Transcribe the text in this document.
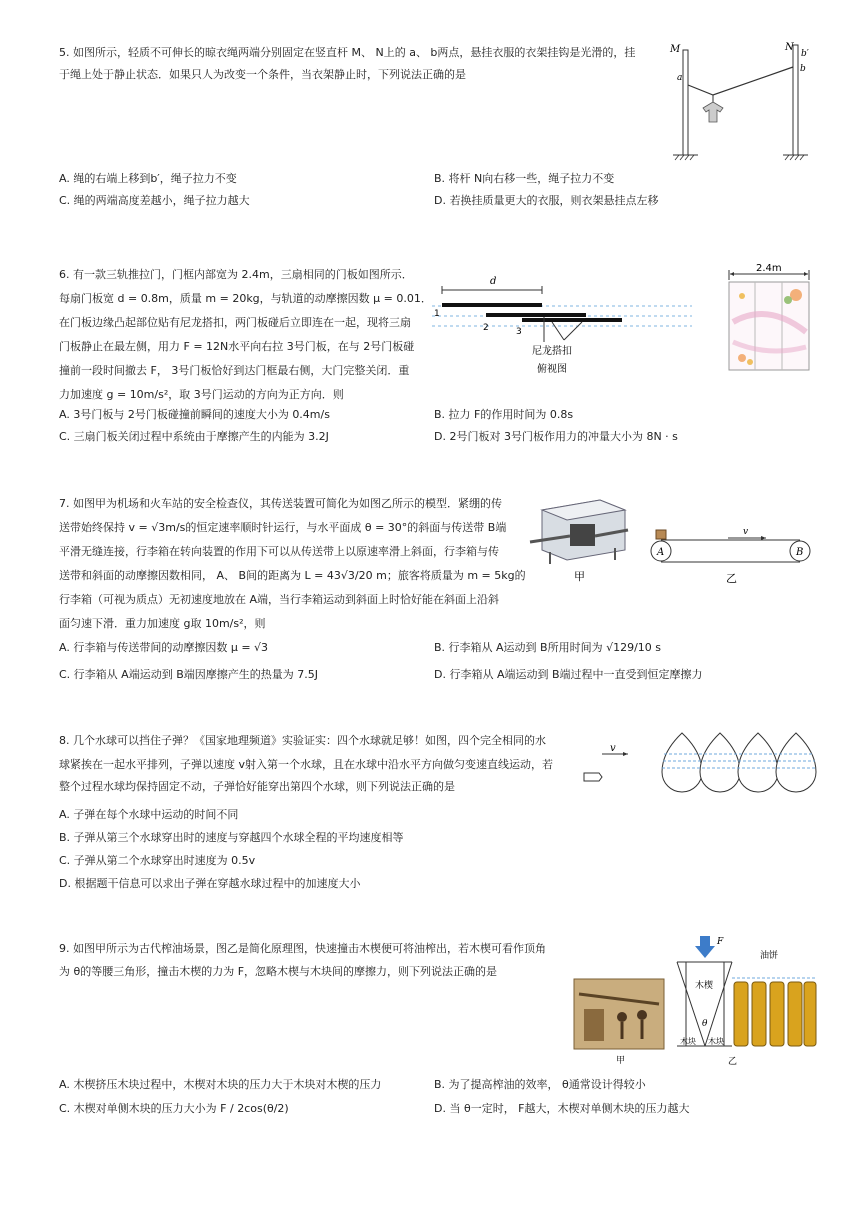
5. 如图所示，轻质不可伸长的晾衣绳两端分别固定在竖直杆 M、 N上的 a、 b两点，悬挂衣服的衣架挂钩是光滑的，挂
于绳上处于静止状态．如果只人为改变一个条件，当衣架静止时，下列说法正确的是
M
a
N
b′
b
A. 绳的右端上移到b′，绳子拉力不变	B. 将杆 N向右移一些，绳子拉力不变
C. 绳的两端高度差越小，绳子拉力越大	D. 若换挂质量更大的衣服，则衣架悬挂点左移
6. 有一款三轨推拉门，门框内部宽为 2.4m，三扇相同的门板如图所示．
每扇门板宽 d = 0.8m，质量 m = 20kg，与轨道的动摩擦因数 μ = 0.01．
在门板边缘凸起部位贴有尼龙搭扣，两门板碰后立即连在一起，现将三扇
门板静止在最左侧，用力 F = 12N水平向右拉 3号门板，在与 2号门板碰
撞前一段时间撤去 F， 3号门板恰好到达门框最右侧，大门完整关闭．重
力加速度 g = 10m/s²，取 3号门运动的方向为正方向．则
d
1
2	3
尼龙搭扣
俯视图
2.4m
A. 3号门板与 2号门板碰撞前瞬间的速度大小为 0.4m/s	B. 拉力 F的作用时间为 0.8s
C. 三扇门板关闭过程中系统由于摩擦产生的内能为 3.2J	D. 2号门板对 3号门板作用力的冲量大小为 8N · s
7. 如图甲为机场和火车站的安全检查仪，其传送装置可简化为如图乙所示的模型．紧绷的传
送带始终保持 v = √3m/s的恒定速率顺时针运行，与水平面成 θ = 30°的斜面与传送带 B端
平滑无缝连接，行李箱在转向装置的作用下可以从传送带上以原速率滑上斜面，行李箱与传
送带和斜面的动摩擦因数相同， A、 B间的距离为 L = 43√3/20 m；旅客将质量为 m = 5kg的
行李箱（可视为质点）无初速度地放在 A端，当行李箱运动到斜面上时恰好能在斜面上沿斜
面匀速下滑．重力加速度 g取 10m/s²，则
甲
v
A	B
乙
A. 行李箱与传送带间的动摩擦因数 μ = √3	B. 行李箱从 A运动到 B所用时间为 √129/10 s
C. 行李箱从 A端运动到 B端因摩擦产生的热量为 7.5J	D. 行李箱从 A端运动到 B端过程中一直受到恒定摩擦力
8. 几个水球可以挡住子弹？《国家地理频道》实验证实：四个水球就足够！如图，四个完全相同的水
球紧挨在一起水平排列，子弹以速度 v射入第一个水球，且在水球中沿水平方向做匀变速直线运动，若
整个过程水球均保持固定不动，子弹恰好能穿出第四个水球，则下列说法正确的是
v
A. 子弹在每个水球中运动的时间不同
B. 子弹从第三个水球穿出时的速度与穿越四个水球全程的平均速度相等
C. 子弹从第二个水球穿出时速度为 0.5v
D. 根据题干信息可以求出子弹在穿越水球过程中的加速度大小
9. 如图甲所示为古代榨油场景，图乙是简化原理图，快速撞击木楔便可将油榨出，若木楔可看作顶角
为 θ的等腰三角形，撞击木楔的力为 F，忽略木楔与木块间的摩擦力，则下列说法正确的是
甲
F
木楔
θ
木块 木块
油饼
乙
A. 木楔挤压木块过程中，木楔对木块的压力大于木块对木楔的压力	B. 为了提高榨油的效率， θ通常设计得较小
C. 木楔对单侧木块的压力大小为 F / 2cos(θ/2)	D. 当 θ一定时， F越大，木楔对单侧木块的压力越大
